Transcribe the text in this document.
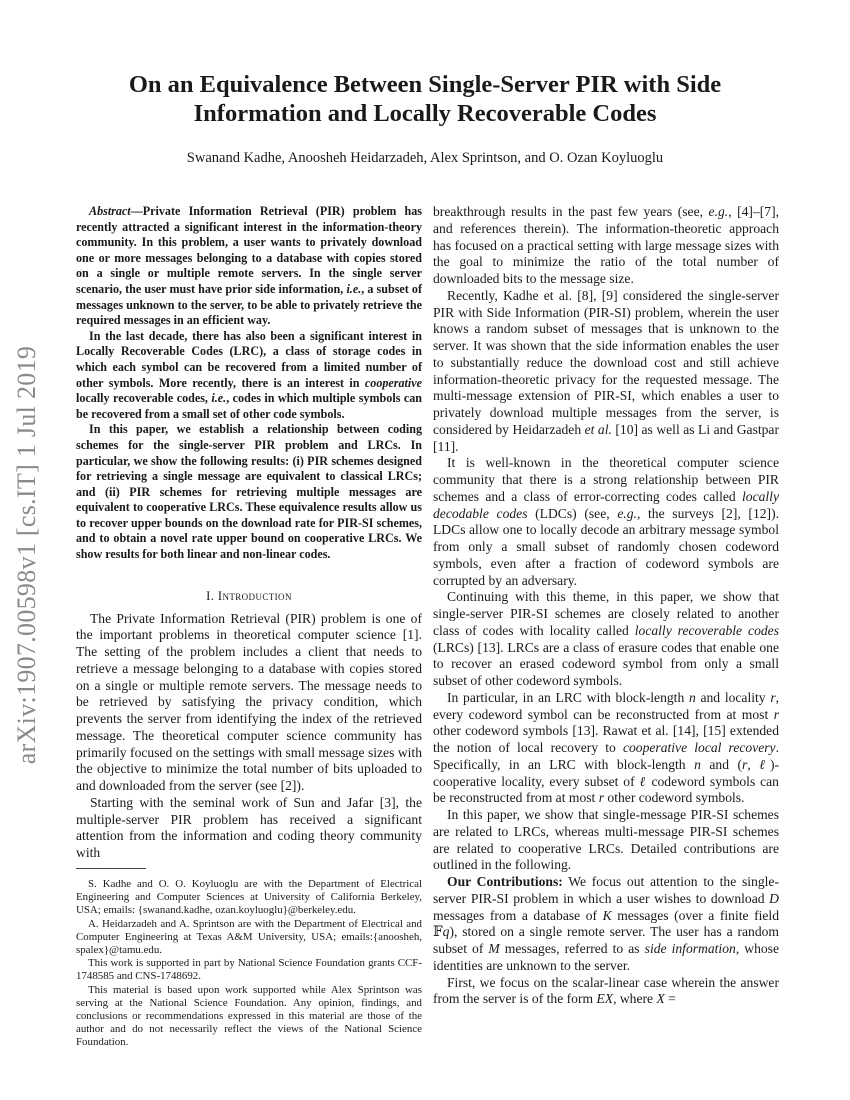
On an Equivalence Between Single-Server PIR with Side
Information and Locally Recoverable Codes
Swanand Kadhe, Anoosheh Heidarzadeh, Alex Sprintson, and O. Ozan Koyluoglu
arXiv:1907.00598v1 [cs.IT] 1 Jul 2019

Abstract—Private Information Retrieval (PIR) problem has recently attracted a significant interest in the information-theory community. In this problem, a user wants to privately download one or more messages belonging to a database with copies stored on a single or multiple remote servers. In the single server scenario, the user must have prior side information, i.e., a subset of messages unknown to the server, to be able to privately retrieve the required messages in an efficient way.

In the last decade, there has also been a significant interest in Locally Recoverable Codes (LRC), a class of storage codes in which each symbol can be recovered from a limited number of other symbols. More recently, there is an interest in cooperative locally recoverable codes, i.e., codes in which multiple symbols can be recovered from a small set of other code symbols.

In this paper, we establish a relationship between coding schemes for the single-server PIR problem and LRCs. In particular, we show the following results: (i) PIR schemes designed for retrieving a single message are equivalent to classical LRCs; and (ii) PIR schemes for retrieving multiple messages are equivalent to cooperative LRCs. These equivalence results allow us to recover upper bounds on the download rate for PIR-SI schemes, and to obtain a novel rate upper bound on cooperative LRCs. We show results for both linear and non-linear codes.

I. Introduction

The Private Information Retrieval (PIR) problem is one of the important problems in theoretical computer science [1]. The setting of the problem includes a client that needs to retrieve a message belonging to a database with copies stored on a single or multiple remote servers. The message needs to be retrieved by satisfying the privacy condition, which prevents the server from identifying the index of the retrieved message. The theoretical computer science community has primarily focused on the settings with small message sizes with the objective to minimize the total number of bits uploaded to and downloaded from the server (see [2]).

Starting with the seminal work of Sun and Jafar [3], the multiple-server PIR problem has received a significant attention from the information and coding theory community with

S. Kadhe and O. O. Koyluoglu are with the Department of Electrical Engineering and Computer Sciences at University of California Berkeley, USA; emails: {swanand.kadhe, ozan.koyluoglu}@berkeley.edu.

A. Heidarzadeh and A. Sprintson are with the Department of Electrical and Computer Engineering at Texas A&M University, USA; emails:{anoosheh, spalex}@tamu.edu.

This work is supported in part by National Science Foundation grants CCF-1748585 and CNS-1748692.

This material is based upon work supported while Alex Sprintson was serving at the National Science Foundation. Any opinion, findings, and conclusions or recommendations expressed in this material are those of the author and do not necessarily reflect the views of the National Science Foundation.

breakthrough results in the past few years (see, e.g., [4]–[7], and references therein). The information-theoretic approach has focused on a practical setting with large message sizes with the goal to minimize the ratio of the total number of downloaded bits to the message size.

Recently, Kadhe et al. [8], [9] considered the single-server PIR with Side Information (PIR-SI) problem, wherein the user knows a random subset of messages that is unknown to the server. It was shown that the side information enables the user to substantially reduce the download cost and still achieve information-theoretic privacy for the requested message. The multi-message extension of PIR-SI, which enables a user to privately download multiple messages from the server, is considered by Heidarzadeh et al. [10] as well as Li and Gastpar [11].

It is well-known in the theoretical computer science community that there is a strong relationship between PIR schemes and a class of error-correcting codes called locally decodable codes (LDCs) (see, e.g., the surveys [2], [12]). LDCs allow one to locally decode an arbitrary message symbol from only a small subset of randomly chosen codeword symbols, even after a fraction of codeword symbols are corrupted by an adversary.

Continuing with this theme, in this paper, we show that single-server PIR-SI schemes are closely related to another class of codes with locality called locally recoverable codes (LRCs) [13]. LRCs are a class of erasure codes that enable one to recover an erased codeword symbol from only a small subset of other codeword symbols.

In particular, in an LRC with block-length n and locality r, every codeword symbol can be reconstructed from at most r other codeword symbols [13]. Rawat et al. [14], [15] extended the notion of local recovery to cooperative local recovery. Specifically, in an LRC with block-length n and (r, ℓ)-cooperative locality, every subset of ℓ codeword symbols can be reconstructed from at most r other codeword symbols.

In this paper, we show that single-message PIR-SI schemes are related to LRCs, whereas multi-message PIR-SI schemes are related to cooperative LRCs. Detailed contributions are outlined in the following.

Our Contributions: We focus out attention to the single-server PIR-SI problem in which a user wishes to download D messages from a database of K messages (over a finite field 𝔽q), stored on a single remote server. The user has a random subset of M messages, referred to as side information, whose identities are unknown to the server.

First, we focus on the scalar-linear case wherein the answer from the server is of the form EX, where X =
